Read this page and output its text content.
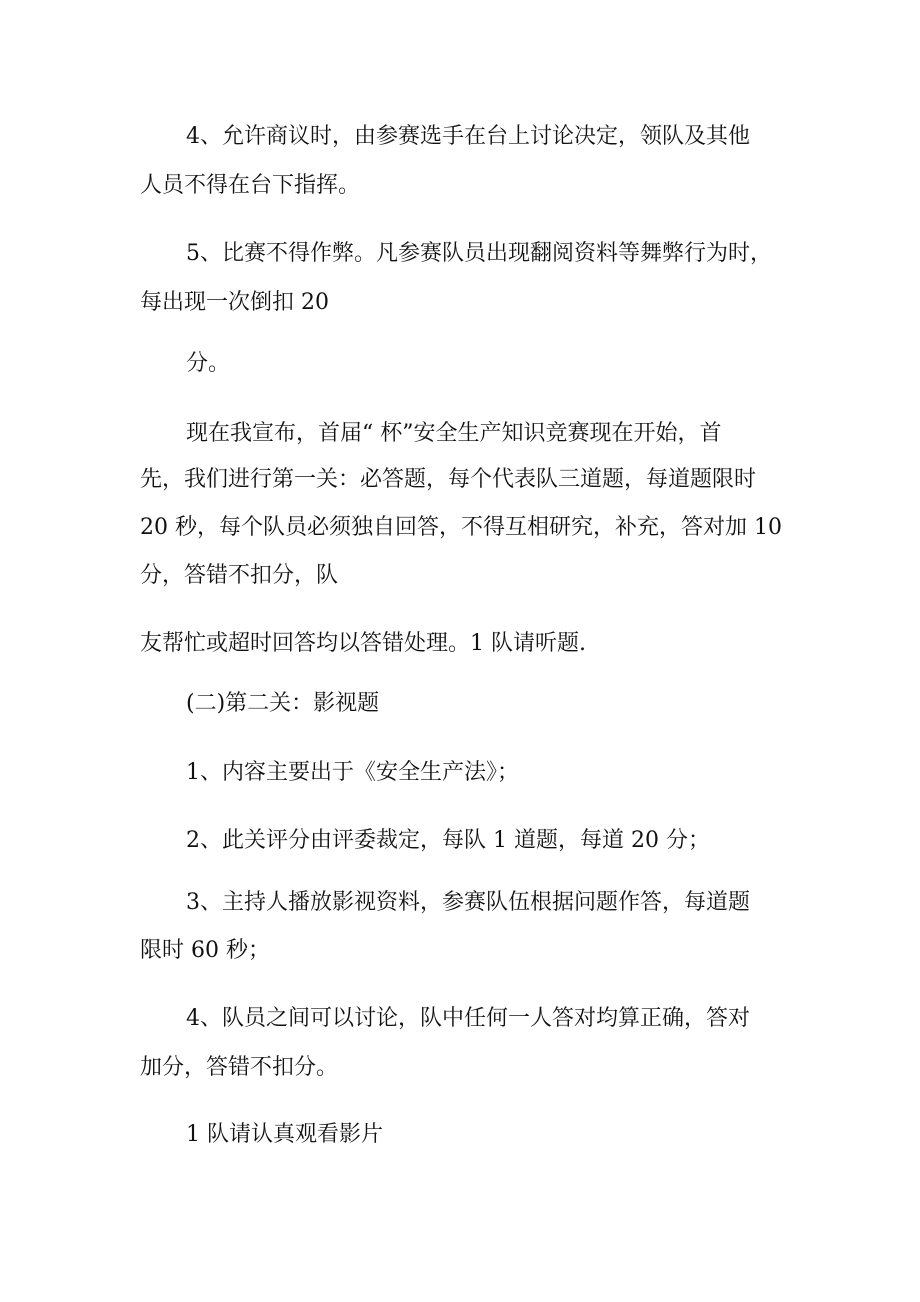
4、允许商议时，由参赛选手在台上讨论决定，领队及其他
人员不得在台下指挥。
5、比赛不得作弊。凡参赛队员出现翻阅资料等舞弊行为时，
每出现一次倒扣 20
分。
现在我宣布，首届“ 杯”安全生产知识竞赛现在开始，首
先，我们进行第一关：必答题，每个代表队三道题，每道题限时
20 秒，每个队员必须独自回答，不得互相研究，补充，答对加 10
分，答错不扣分，队
友帮忙或超时回答均以答错处理。1 队请听题.
(二)第二关：影视题
1、内容主要出于《安全生产法》；
2、此关评分由评委裁定，每队 1 道题，每道 20 分；
3、主持人播放影视资料，参赛队伍根据问题作答，每道题
限时 60 秒；
4、队员之间可以讨论，队中任何一人答对均算正确，答对
加分，答错不扣分。
1 队请认真观看影片
